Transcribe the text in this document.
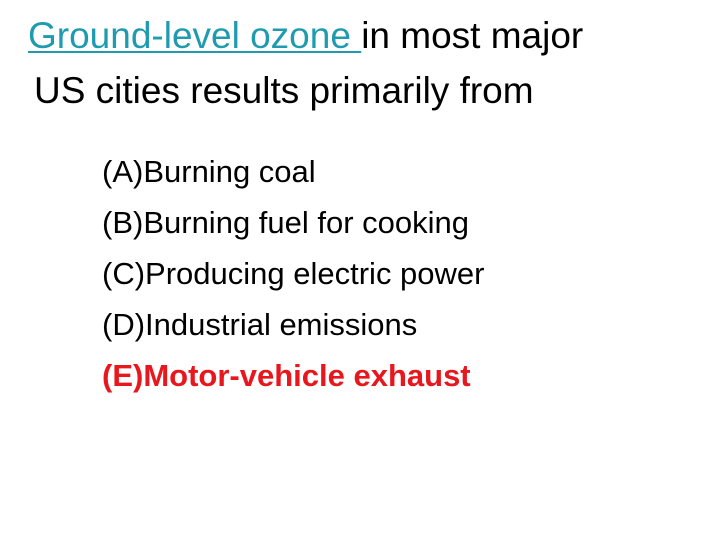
Ground-level ozone in most major
US cities results primarily from
(A)Burning coal
(B)Burning fuel for cooking
(C)Producing electric power
(D)Industrial emissions
(E)Motor-vehicle exhaust
